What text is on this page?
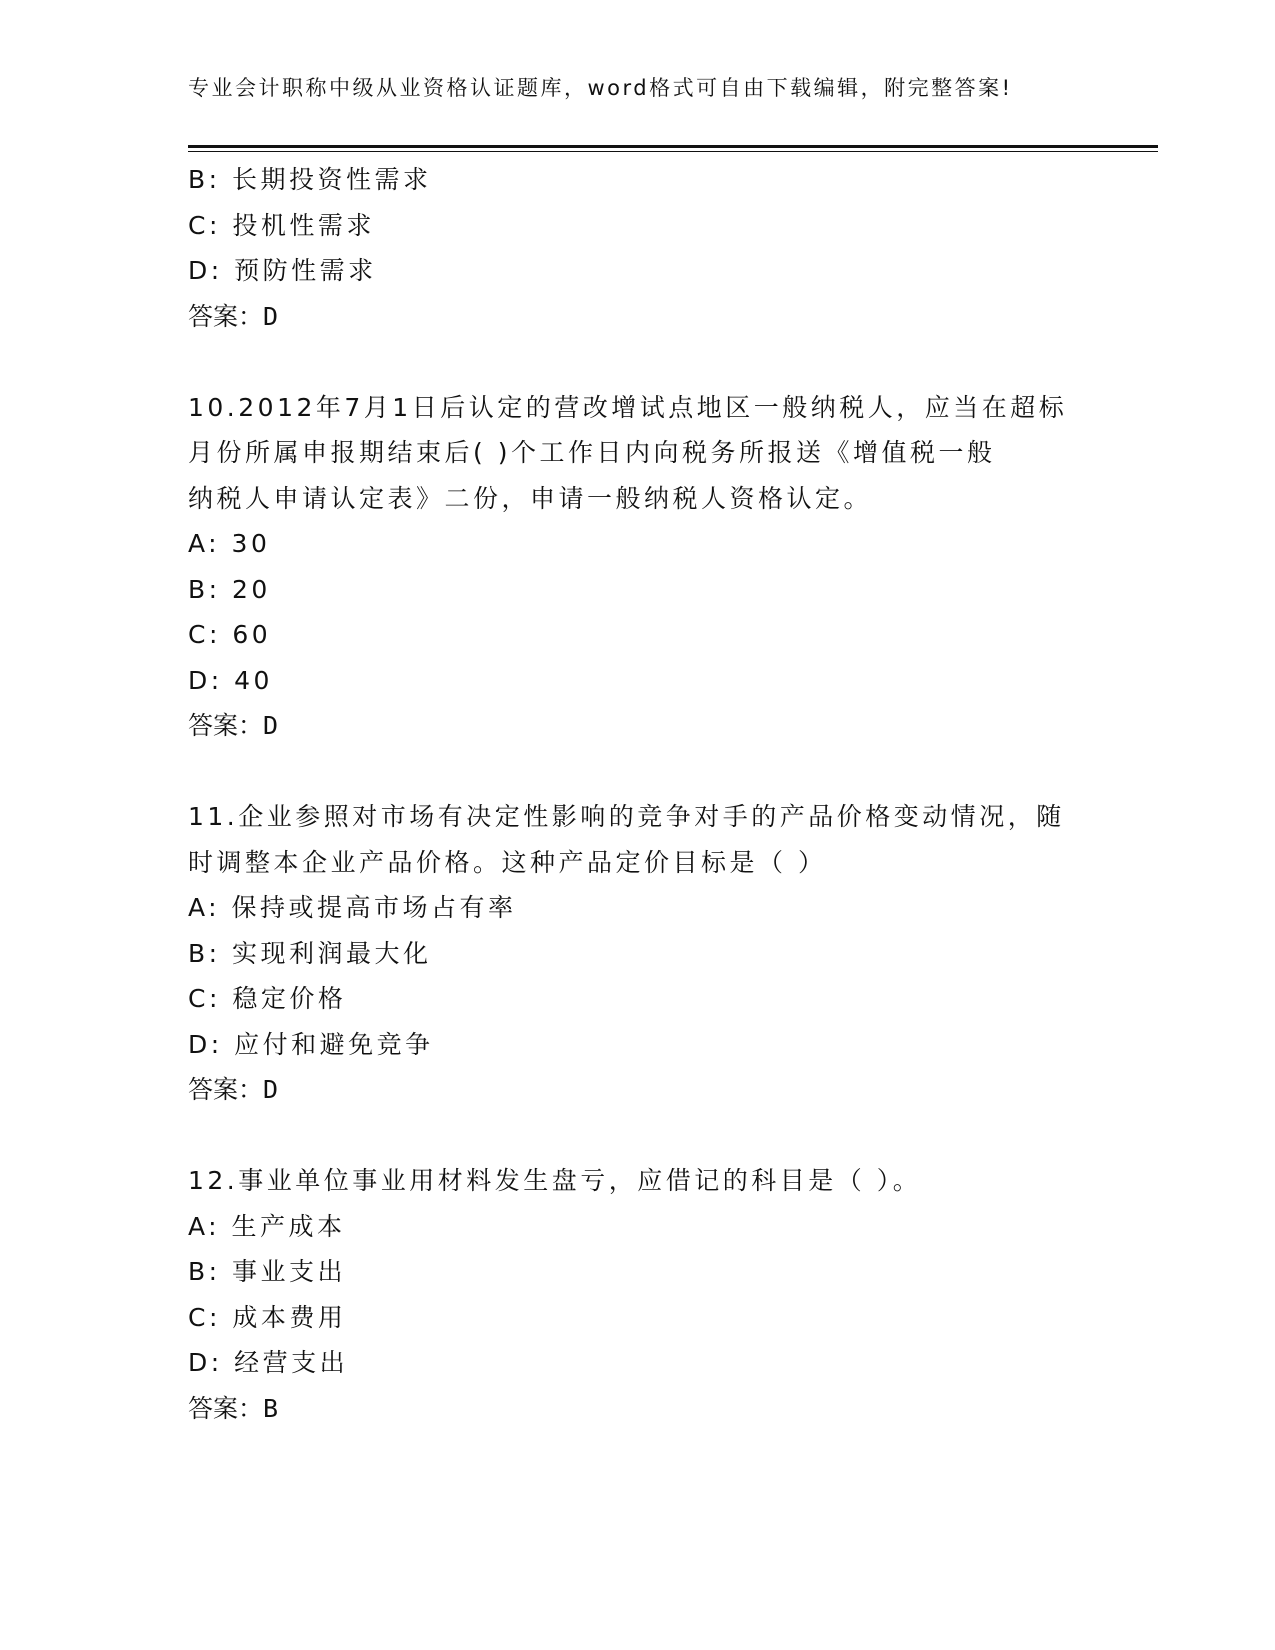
专业会计职称中级从业资格认证题库，word格式可自由下载编辑，附完整答案!
B: 长期投资性需求
C: 投机性需求
D: 预防性需求
答案：D
10.2012年7月1日后认定的营改增试点地区一般纳税人，应当在超标
月份所属申报期结束后( )个工作日内向税务所报送《增值税一般
纳税人申请认定表》二份，申请一般纳税人资格认定。
A: 30
B: 20
C: 60
D: 40
答案：D
11.企业参照对市场有决定性影响的竞争对手的产品价格变动情况，随
时调整本企业产品价格。这种产品定价目标是（ ）
A: 保持或提高市场占有率
B: 实现利润最大化
C: 稳定价格
D: 应付和避免竞争
答案：D
12.事业单位事业用材料发生盘亏，应借记的科目是（ ）。
A: 生产成本
B: 事业支出
C: 成本费用
D: 经营支出
答案：B
